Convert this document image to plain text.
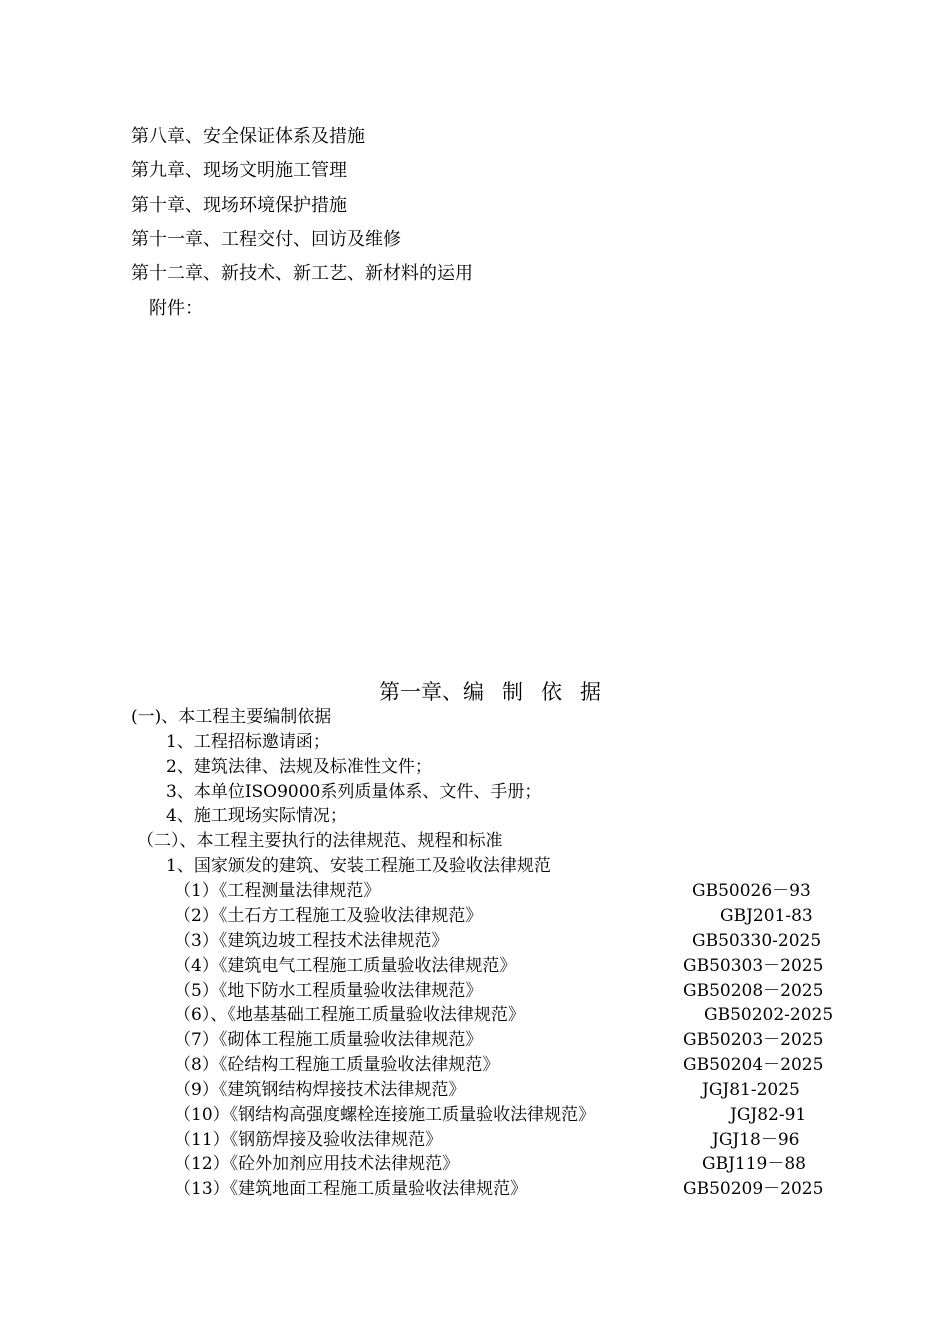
第八章、安全保证体系及措施
第九章、现场文明施工管理
第十章、现场环境保护措施
第十一章、工程交付、回访及维修
第十二章、新技术、新工艺、新材料的运用
附件：
第一章、编 制 依 据
(一)、本工程主要编制依据
1、工程招标邀请函；
2、建筑法律、法规及标准性文件；
3、本单位ISO9000系列质量体系、文件、手册；
4、施工现场实际情况；
（二）、本工程主要执行的法律规范、规程和标准
1、国家颁发的建筑、安装工程施工及验收法律规范
（1）《工程测量法律规范》	GB50026－93
（2）《土石方工程施工及验收法律规范》	GBJ201-83
（3）《建筑边坡工程技术法律规范》	GB50330-2025
（4）《建筑电气工程施工质量验收法律规范》	GB50303－2025
（5）《地下防水工程质量验收法律规范》	GB50208－2025
（6）、《地基基础工程施工质量验收法律规范》	GB50202-2025
（7）《砌体工程施工质量验收法律规范》	GB50203－2025
（8）《砼结构工程施工质量验收法律规范》	GB50204－2025
（9）《建筑钢结构焊接技术法律规范》	JGJ81-2025
（10）《钢结构高强度螺栓连接施工质量验收法律规范》	JGJ82-91
（11）《钢筋焊接及验收法律规范》	JGJ18－96
（12）《砼外加剂应用技术法律规范》	GBJ119－88
（13）《建筑地面工程施工质量验收法律规范》	GB50209－2025
